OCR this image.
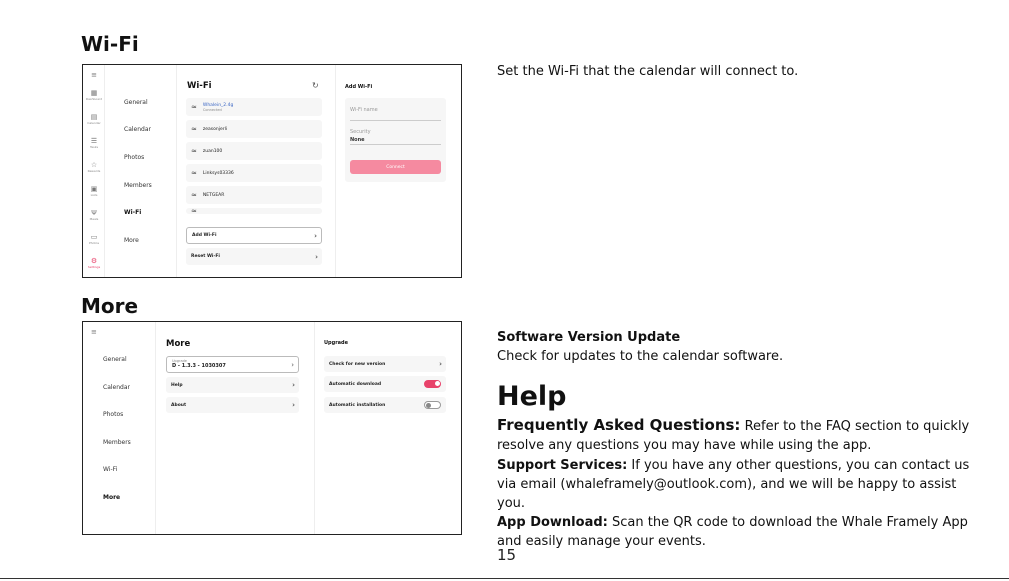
Wi-Fi
≡
▦
Dashboard
▤
Calendar
☰
Tasks
☆
Rewards
▣
Lists
Ψ
Meals
▭
Photos
⚙
Settings
General
Calendar
Photos
Members
Wi-Fi
More
Wi-Fi	↻
≈ Whalein_2.4g
Connected
≈ zeasonjerli
≈ zuan100
≈ Linksys03336
≈ NETGEAR
≈
Add Wi-Fi	›
Reset Wi-Fi	›
Add Wi-Fi
Wi-Fi name
Security
None
Connect
Set the Wi-Fi that the calendar will connect to.
More
≡
General
Calendar
Photos
Members
Wi-Fi
More
More
Upgrade
D - 1.3.3 - 1030307	›
Help	›
About	›
Upgrade
Check for new version	›
Automatic download
Automatic installation
Software Version Update
Check for updates to the calendar software.
Help
Frequently Asked Questions: Refer to the FAQ section to quickly resolve any questions you may have while using the app.
Support Services: If you have any other questions, you can contact us via email (whaleframely@outlook.com), and we will be happy to assist you.
App Download: Scan the QR code to download the Whale Framely App and easily manage your events.
15
